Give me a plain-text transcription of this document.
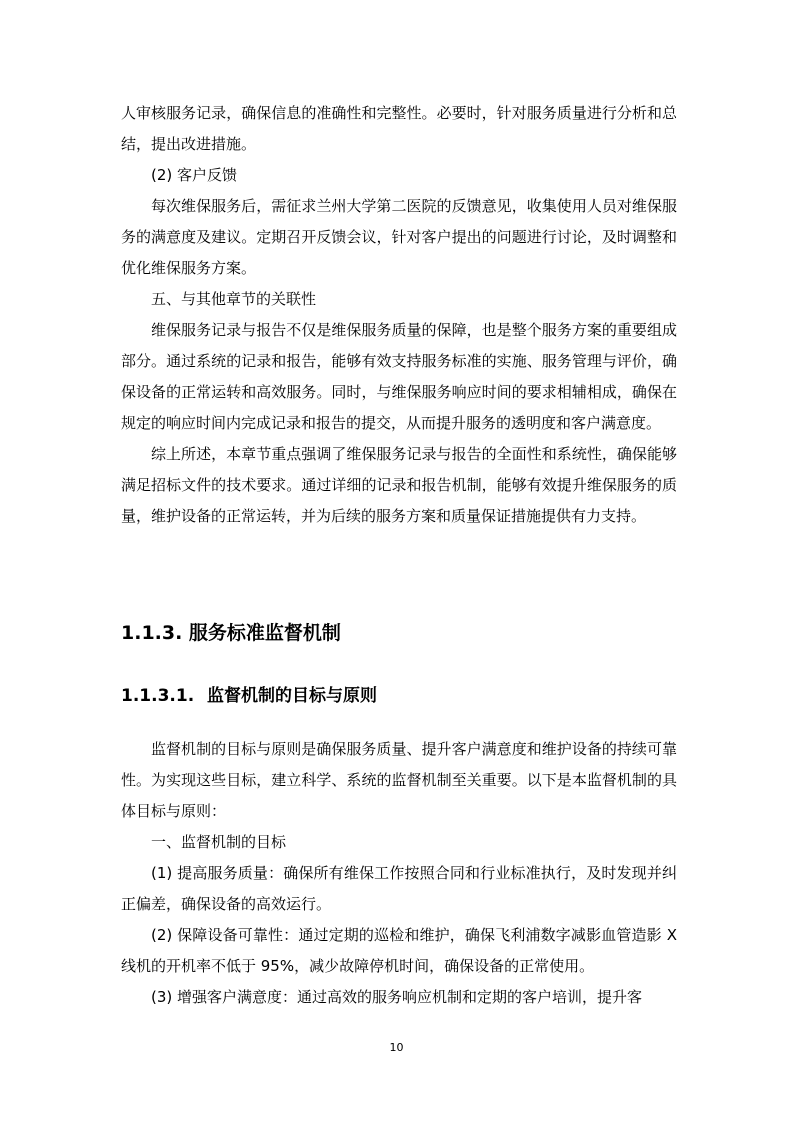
人审核服务记录，确保信息的准确性和完整性。必要时，针对服务质量进行分析和总结，提出改进措施。

(2) 客户反馈

每次维保服务后，需征求兰州大学第二医院的反馈意见，收集使用人员对维保服务的满意度及建议。定期召开反馈会议，针对客户提出的问题进行讨论，及时调整和优化维保服务方案。

五、与其他章节的关联性

维保服务记录与报告不仅是维保服务质量的保障，也是整个服务方案的重要组成部分。通过系统的记录和报告，能够有效支持服务标准的实施、服务管理与评价，确保设备的正常运转和高效服务。同时，与维保服务响应时间的要求相辅相成，确保在规定的响应时间内完成记录和报告的提交，从而提升服务的透明度和客户满意度。

综上所述，本章节重点强调了维保服务记录与报告的全面性和系统性，确保能够满足招标文件的技术要求。通过详细的记录和报告机制，能够有效提升维保服务的质量，维护设备的正常运转，并为后续的服务方案和质量保证措施提供有力支持。

1.1.3. 服务标准监督机制
1.1.3.1. 监督机制的目标与原则

监督机制的目标与原则是确保服务质量、提升客户满意度和维护设备的持续可靠性。为实现这些目标，建立科学、系统的监督机制至关重要。以下是本监督机制的具体目标与原则：

一、监督机制的目标

(1) 提高服务质量：确保所有维保工作按照合同和行业标准执行，及时发现并纠正偏差，确保设备的高效运行。

(2) 保障设备可靠性：通过定期的巡检和维护，确保飞利浦数字减影血管造影 X 线机的开机率不低于 95%，减少故障停机时间，确保设备的正常使用。

(3) 增强客户满意度：通过高效的服务响应机制和定期的客户培训，提升客

10
